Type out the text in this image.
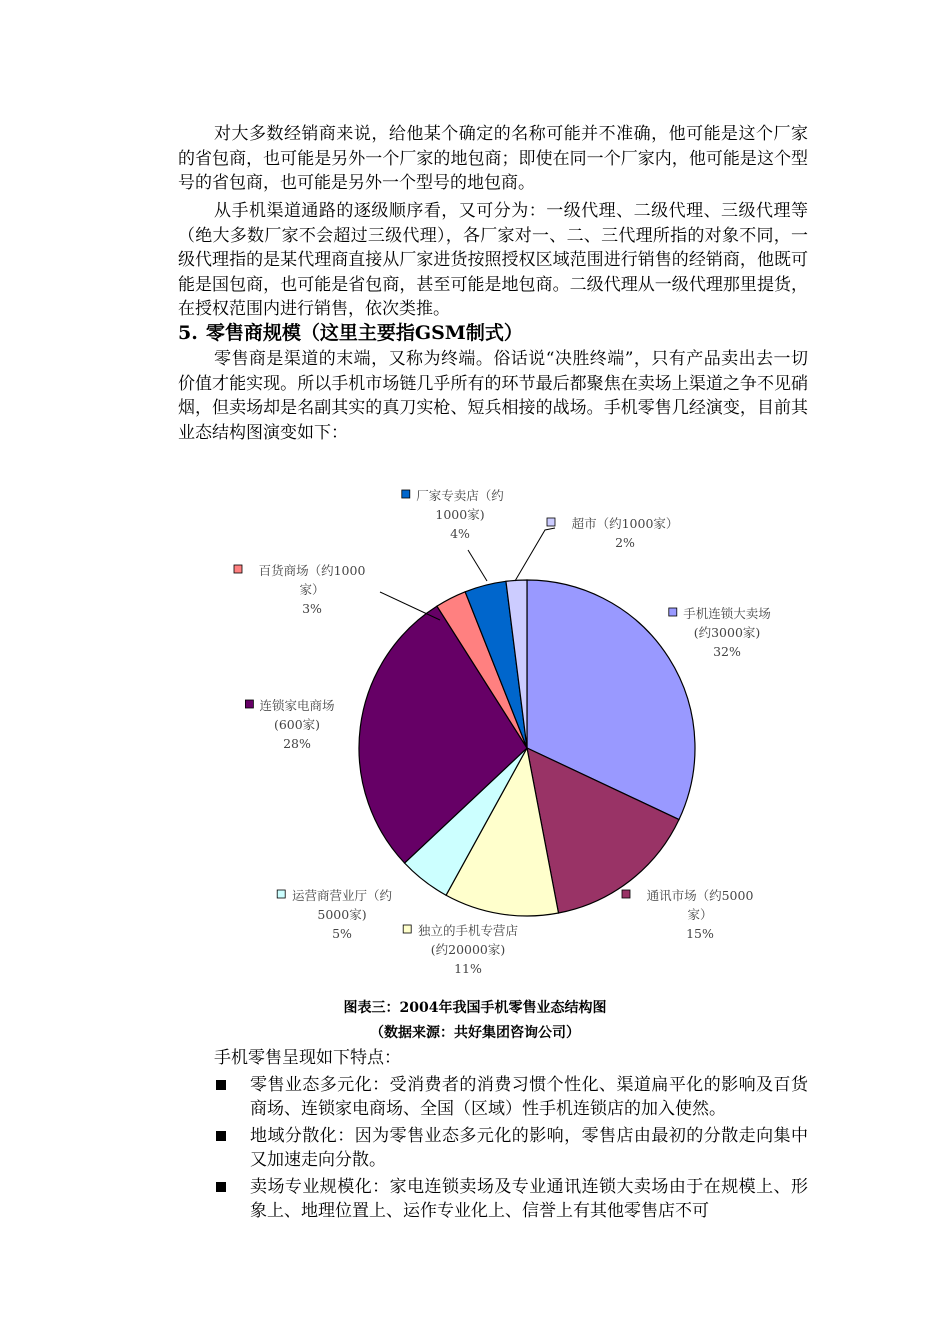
对大多数经销商来说，给他某个确定的名称可能并不准确，他可能是这个厂家的省包商，也可能是另外一个厂家的地包商；即使在同一个厂家内，他可能是这个型号的省包商，也可能是另外一个型号的地包商。

从手机渠道通路的逐级顺序看，又可分为：一级代理、二级代理、三级代理等（绝大多数厂家不会超过三级代理），各厂家对一、二、三代理所指的对象不同，一级代理指的是某代理商直接从厂家进货按照授权区域范围进行销售的经销商，他既可能是国包商，也可能是省包商，甚至可能是地包商。二级代理从一级代理那里提货，在授权范围内进行销售，依次类推。

5. 零售商规模（这里主要指GSM制式）

零售商是渠道的末端，又称为终端。俗话说“决胜终端”，只有产品卖出去一切价值才能实现。所以手机市场链几乎所有的环节最后都聚焦在卖场上渠道之争不见硝烟，但卖场却是名副其实的真刀实枪、短兵相接的战场。手机零售几经演变，目前其业态结构图演变如下：

手机连锁大卖场
(约3000家)
32%
通讯市场（约5000
家）
15%
独立的手机专营店
(约20000家)
11%
运营商营业厅（约
5000家)
5%
连锁家电商场
(600家)
28%
百货商场（约1000
家）
3%
厂家专卖店（约
1000家)
4%
超市（约1000家）
2%
图表三：2004年我国手机零售业态结构图
（数据来源：共好集团咨询公司）
手机零售呈现如下特点：
零售业态多元化：受消费者的消费习惯个性化、渠道扁平化的影响及百货商场、连锁家电商场、全国（区域）性手机连锁店的加入使然。
地域分散化：因为零售业态多元化的影响，零售店由最初的分散走向集中又加速走向分散。
卖场专业规模化：家电连锁卖场及专业通讯连锁大卖场由于在规模上、形象上、地理位置上、运作专业化上、信誉上有其他零售店不可
